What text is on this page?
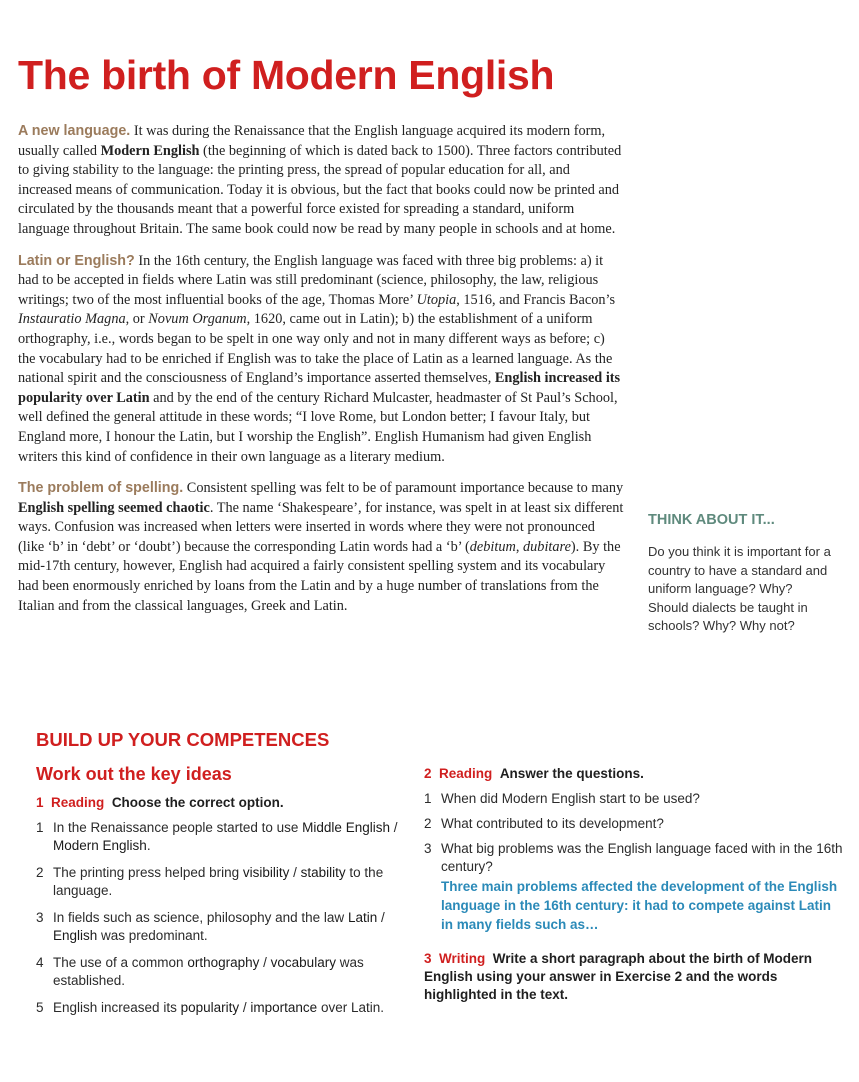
The birth of Modern English

A new language. It was during the Renaissance that the English language acquired its modern form, usually called Modern English (the beginning of which is dated back to 1500). Three factors contributed to giving stability to the language: the printing press, the spread of popular education for all, and increased means of communication. Today it is obvious, but the fact that books could now be printed and circulated by the thousands meant that a powerful force existed for spreading a standard, uniform language throughout Britain. The same book could now be read by many people in schools and at home.

Latin or English? In the 16th century, the English language was faced with three big problems: a) it had to be accepted in fields where Latin was still predominant (science, philosophy, the law, religious writings; two of the most influential books of the age, Thomas More’ Utopia, 1516, and Francis Bacon’s Instauratio Magna, or Novum Organum, 1620, came out in Latin); b) the establishment of a uniform orthography, i.e., words began to be spelt in one way only and not in many different ways as before; c) the vocabulary had to be enriched if English was to take the place of Latin as a learned language. As the national spirit and the consciousness of England’s importance asserted themselves, English increased its popularity over Latin and by the end of the century Richard Mulcaster, headmaster of St Paul’s School, well defined the general attitude in these words; “I love Rome, but London better; I favour Italy, but England more, I honour the Latin, but I worship the English”. English Humanism had given English writers this kind of confidence in their own language as a literary medium.

The problem of spelling. Consistent spelling was felt to be of paramount importance because to many English spelling seemed chaotic. The name ‘Shakespeare’, for instance, was spelt in at least six different ways. Confusion was increased when letters were inserted in words where they were not pronounced (like ‘b’ in ‘debt’ or ‘doubt’) because the corresponding Latin words had a ‘b’ (debitum, dubitare). By the mid-17th century, however, English had acquired a fairly consistent spelling system and its vocabulary had been enormously enriched by loans from the Latin and by a huge number of translations from the Italian and from the classical languages, Greek and Latin.

THINK ABOUT IT...

Do you think it is important for a country to have a standard and uniform language? Why?

Should dialects be taught in schools? Why? Why not?

BUILD UP YOUR COMPETENCES
Work out the key ideas
1 Reading Choose the correct option.
1 In the Renaissance people started to use Middle English / Modern English.
2 The printing press helped bring visibility / stability to the language.
3 In fields such as science, philosophy and the law Latin / English was predominant.
4 The use of a common orthography / vocabulary was established.
5 English increased its popularity / importance over Latin.
2 Reading Answer the questions.
1 When did Modern English start to be used?
2 What contributed to its development?
3 What big problems was the English language faced with in the 16th century?
Three main problems affected the development of the English language in the 16th century: it had to compete against Latin in many fields such as…
3 Writing Write a short paragraph about the birth of Modern English using your answer in Exercise 2 and the words highlighted in the text.
